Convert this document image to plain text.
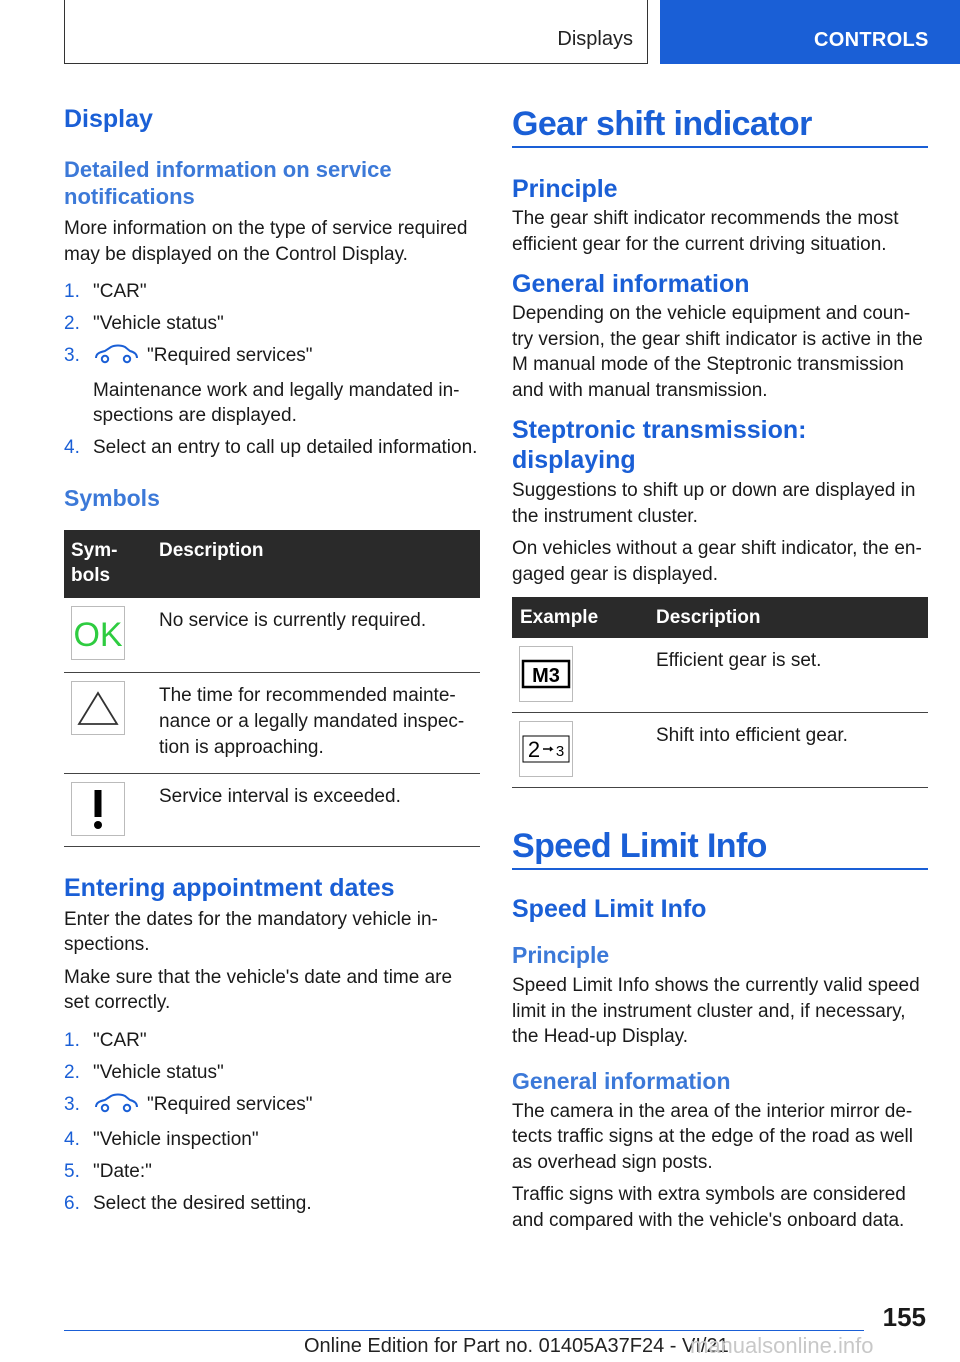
Displays	CONTROLS
Display
Detailed information on service notifications

More information on the type of service required may be displayed on the Control Display.

1. "CAR"
2. "Vehicle status"
3.	"Required services"
Maintenance work and legally mandated in-spections are displayed.
4. Select an entry to call up detailed information.
Symbols
Sym-bols	Description

OK	No service is currently required.

	The time for recommended mainte-nance or a legally mandated inspec-tion is approaching.

	Service interval is exceeded.
Entering appointment dates

Enter the dates for the mandatory vehicle in-spections.

Make sure that the vehicle's date and time are set correctly.

1. "CAR"
2. "Vehicle status"
3.	"Required services"
4. "Vehicle inspection"
5. "Date:"
6. Select the desired setting.
Gear shift indicator
Principle

The gear shift indicator recommends the most efficient gear for the current driving situation.

General information

Depending on the vehicle equipment and coun-try version, the gear shift indicator is active in the M manual mode of the Steptronic transmission and with manual transmission.

Steptronic transmission: displaying

Suggestions to shift up or down are displayed in the instrument cluster.

On vehicles without a gear shift indicator, the en-gaged gear is displayed.

Example	Description

M3	Efficient gear is set.

2 3	Shift into efficient gear.
Speed Limit Info
Speed Limit Info
Principle

Speed Limit Info shows the currently valid speed limit in the instrument cluster and, if necessary, the Head-up Display.

General information

The camera in the area of the interior mirror de-tects traffic signs at the edge of the road as well as overhead sign posts.

Traffic signs with extra symbols are considered and compared with the vehicle's onboard data.

155
Online Edition for Part no. 01405A37F24 - VI/21
manualsonline.info
